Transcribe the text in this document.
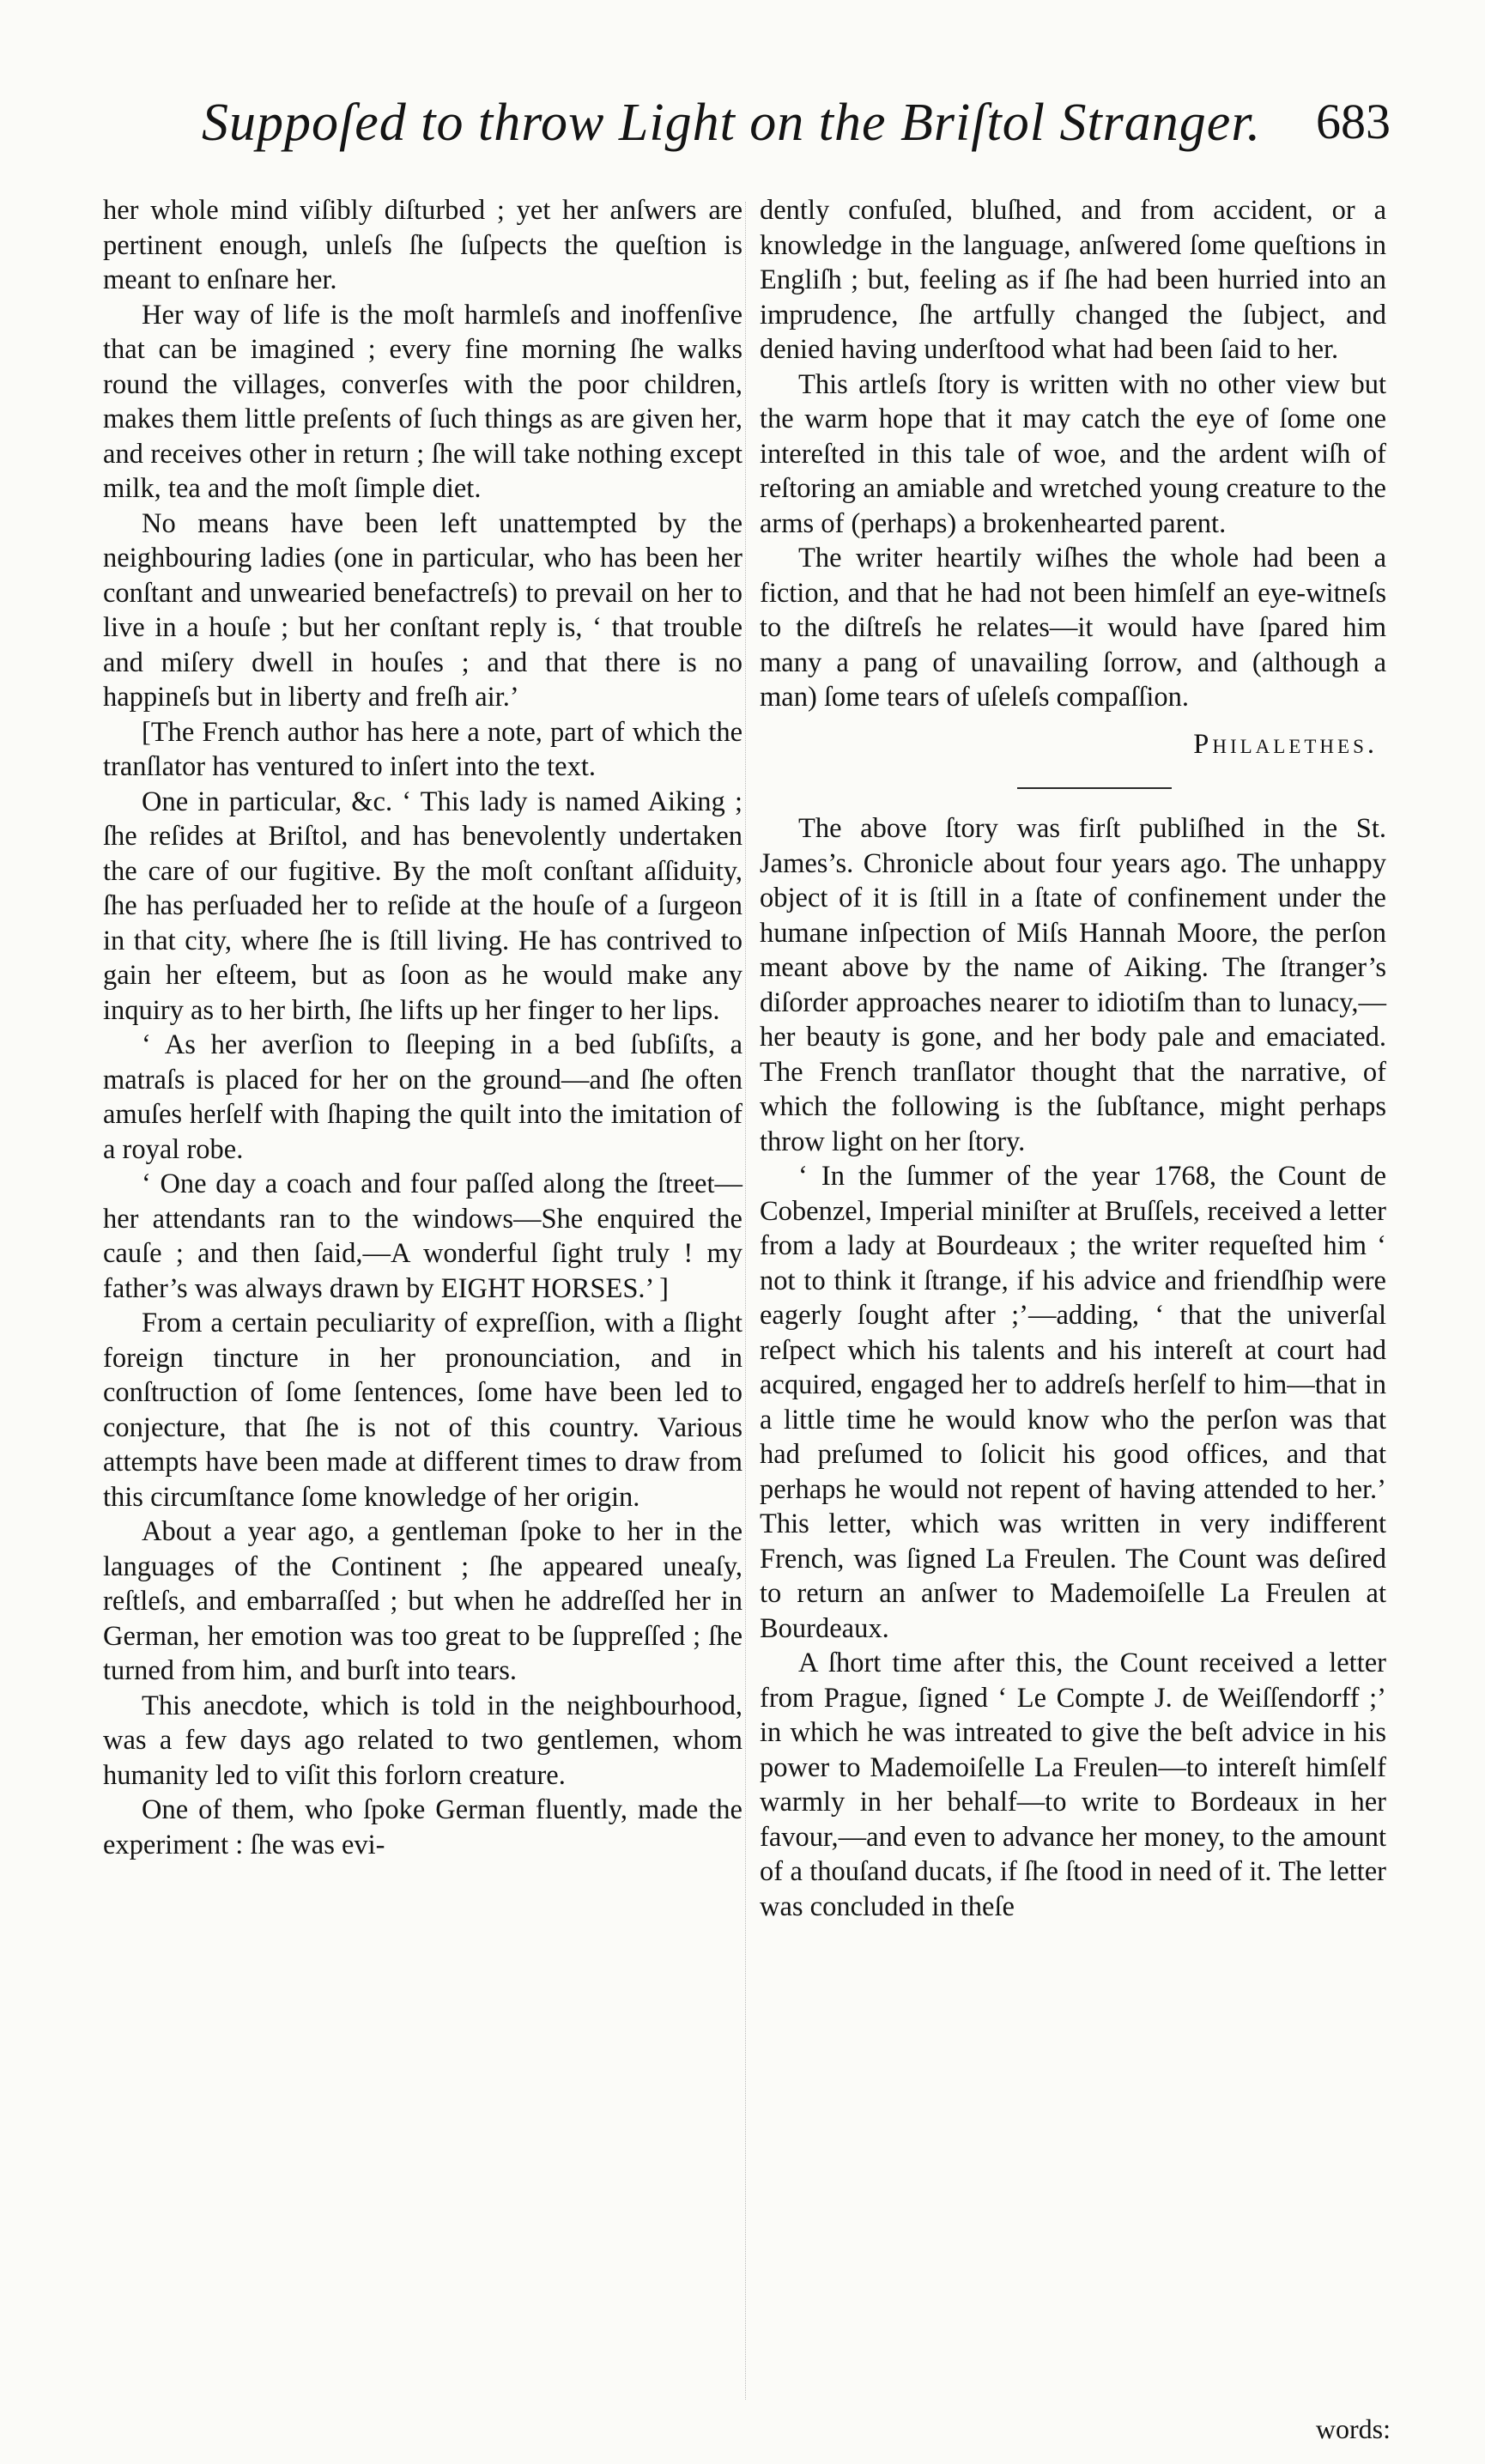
Suppoſed to throw Light on the Briſtol Stranger. 683

her whole mind viſibly diſturbed ; yet her anſwers are pertinent enough, unleſs ſhe ſuſpects the queſtion is meant to enſnare her.

Her way of life is the moſt harmleſs and inoffenſive that can be imagined ; every fine morning ſhe walks round the villages, converſes with the poor children, makes them little preſents of ſuch things as are given her, and receives other in return ; ſhe will take nothing except milk, tea and the moſt ſimple diet.

No means have been left unattempted by the neighbouring ladies (one in particular, who has been her conſtant and unwearied benefactreſs) to prevail on her to live in a houſe ; but her conſtant reply is, ‘ that trouble and miſery dwell in houſes ; and that there is no happineſs but in liberty and freſh air.’

[The French author has here a note, part of which the tranſlator has ventured to inſert into the text.

One in particular, &c. ‘ This lady is named Aiking ; ſhe reſides at Briſtol, and has benevolently undertaken the care of our fugitive. By the moſt conſtant aſſiduity, ſhe has perſuaded her to reſide at the houſe of a ſurgeon in that city, where ſhe is ſtill living. He has contrived to gain her eſteem, but as ſoon as he would make any inquiry as to her birth, ſhe lifts up her finger to her lips.

‘ As her averſion to ſleeping in a bed ſubſiſts, a matraſs is placed for her on the ground—and ſhe often amuſes herſelf with ſhaping the quilt into the imitation of a royal robe.

‘ One day a coach and four paſſed along the ſtreet—her attendants ran to the windows—She enquired the cauſe ; and then ſaid,—A wonderful ſight truly ! my father’s was always drawn by EIGHT HORSES.’ ]

From a certain peculiarity of expreſſion, with a ſlight foreign tincture in her pronounciation, and in conſtruction of ſome ſentences, ſome have been led to conjecture, that ſhe is not of this country. Various attempts have been made at different times to draw from this circumſtance ſome knowledge of her origin.

About a year ago, a gentleman ſpoke to her in the languages of the Continent ; ſhe appeared uneaſy, reſtleſs, and embarraſſed ; but when he addreſſed her in German, her emotion was too great to be ſuppreſſed ; ſhe turned from him, and burſt into tears.

This anecdote, which is told in the neighbourhood, was a few days ago related to two gentlemen, whom humanity led to viſit this forlorn creature.

One of them, who ſpoke German fluently, made the experiment : ſhe was evi-

dently confuſed, bluſhed, and from accident, or a knowledge in the language, anſwered ſome queſtions in Engliſh ; but, feeling as if ſhe had been hurried into an imprudence, ſhe artfully changed the ſubject, and denied having underſtood what had been ſaid to her.

This artleſs ſtory is written with no other view but the warm hope that it may catch the eye of ſome one intereſted in this tale of woe, and the ardent wiſh of reſtoring an amiable and wretched young creature to the arms of (perhaps) a brokenhearted parent.

The writer heartily wiſhes the whole had been a fiction, and that he had not been himſelf an eye-witneſs to the diſtreſs he relates—it would have ſpared him many a pang of unavailing ſorrow, and (although a man) ſome tears of uſeleſs compaſſion.

Philalethes.

The above ſtory was firſt publiſhed in the St. James’s. Chronicle about four years ago. The unhappy object of it is ſtill in a ſtate of confinement under the humane inſpection of Miſs Hannah Moore, the perſon meant above by the name of Aiking. The ſtranger’s diſorder approaches nearer to idiotiſm than to lunacy,—her beauty is gone, and her body pale and emaciated. The French tranſlator thought that the narrative, of which the following is the ſubſtance, might perhaps throw light on her ſtory.

‘ In the ſummer of the year 1768, the Count de Cobenzel, Imperial miniſter at Bruſſels, received a letter from a lady at Bourdeaux ; the writer requeſted him ‘ not to think it ſtrange, if his advice and friendſhip were eagerly ſought after ;’—adding, ‘ that the univerſal reſpect which his talents and his intereſt at court had acquired, engaged her to addreſs herſelf to him—that in a little time he would know who the perſon was that had preſumed to ſolicit his good offices, and that perhaps he would not repent of having attended to her.’ This letter, which was written in very indifferent French, was ſigned La Freulen. The Count was deſired to return an anſwer to Mademoiſelle La Freulen at Bourdeaux.

A ſhort time after this, the Count received a letter from Prague, ſigned ‘ Le Compte J. de Weiſſendorff ;’ in which he was intreated to give the beſt advice in his power to Mademoiſelle La Freulen—to intereſt himſelf warmly in her behalf—to write to Bordeaux in her favour,—and even to advance her money, to the amount of a thouſand ducats, if ſhe ſtood in need of it. The letter was concluded in theſe

words:
